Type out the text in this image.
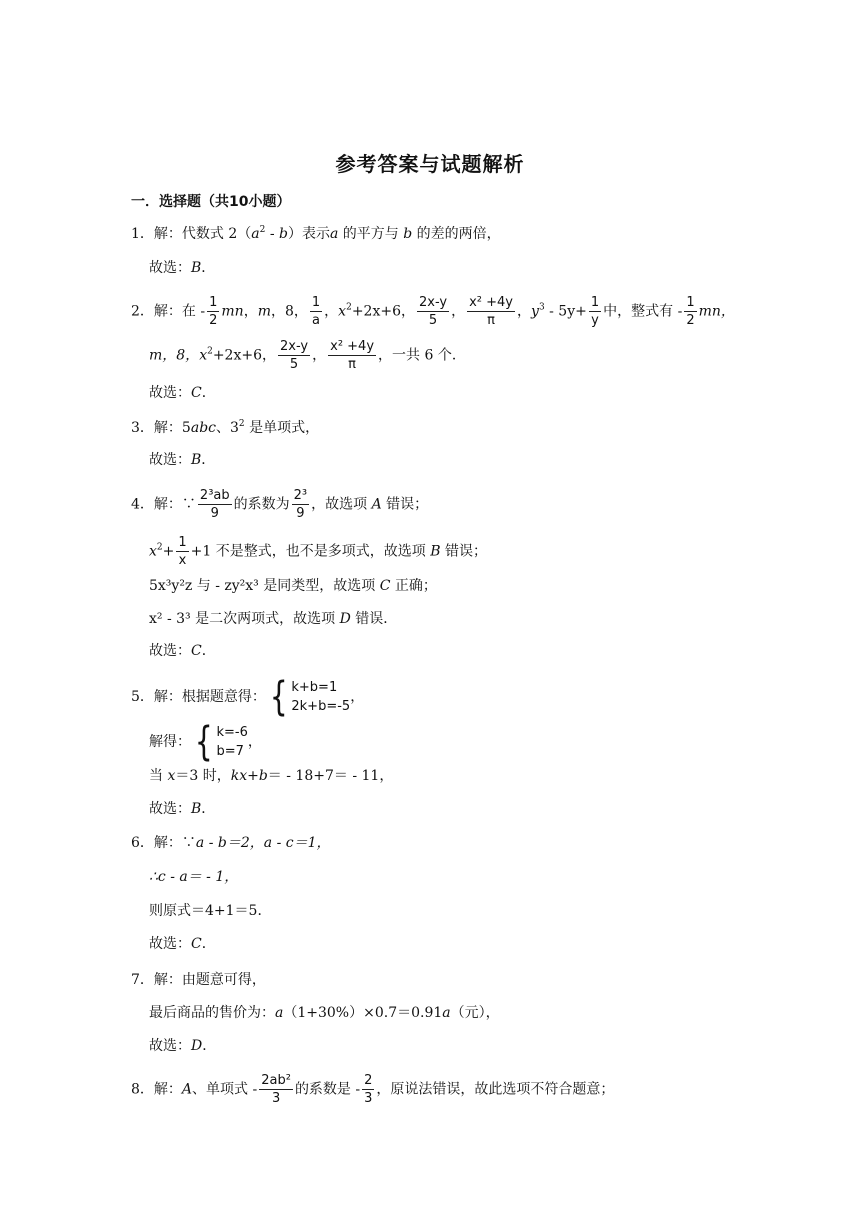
参考答案与试题解析
一．选择题（共10小题）
1．解：代数式 $2(a^2 - b)$表示a 的平方与 b 的差的两倍，
故选：B．
2．解：在 - $\frac{1}{2}$ mn，m，8， $\frac{1}{a}$ ，$x^2+2x+6$， $\frac{2x-y}{5}$ ， $\frac{\text{x² +4y}}{\pi}$ ，$y^3 - 5y+ \frac{1}{y}$ 中，整式有 - $\frac{1}{2}$ mn，
m，8，$x^2+2x+6$， $\frac{2x-y}{5}$ ， $\frac{\text{x² +4y}}{\pi}$ ，一共 6 个．
故选：C．
3．解：5abc、$3^2$ 是单项式，
故选：B．
4．解：∵ $\frac{\text{2³ab}}{9}$ 的系数为 $\frac{\text{2³}}{9}$ ，故选项 A 错误；
$x^2+ \frac{1}{x} +1$ 不是整式，也不是多项式，故选项 B 错误；
5x³y²z 与 - zy²x³ 是同类型，故选项 C 正确；
x² - 3³ 是二次两项式，故选项 D 错误．
故选：C．
5．解：根据题意得：{ k+b=1
2k+b=-5
，
解得：{ k=-6
b=7
，
当 x＝3 时，kx+b＝ - 18+7＝ - 11，
故选：B．
6．解：∵a - b＝2，a - c＝1，
∴c - a＝ - 1，
则原式＝4+1＝5．
故选：C．
7．解：由题意可得，
最后商品的售价为：a（1+30%）×0.7＝0.91a（元），
故选：D．
8．解：A、单项式 - $\frac{\text{2ab²}}{3}$ 的系数是 - $\frac{2}{3}$ ，原说法错误，故此选项不符合题意；
